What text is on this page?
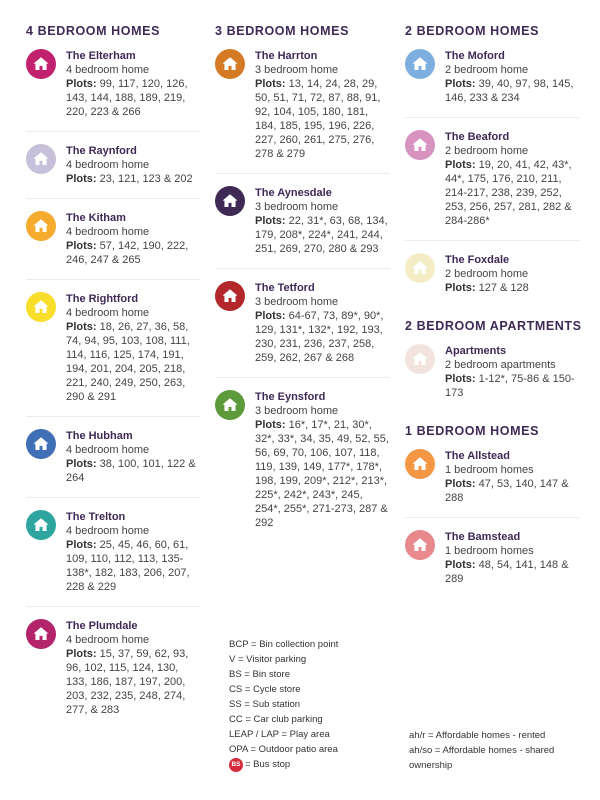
4 BEDROOM HOMES
The Elterham
4 bedroom home
Plots: 99, 117, 120, 126, 143, 144, 188, 189, 219, 220, 223 & 266
The Raynford
4 bedroom home
Plots: 23, 121, 123 & 202
The Kitham
4 bedroom home
Plots: 57, 142, 190, 222, 246, 247 & 265
The Rightford
4 bedroom home
Plots: 18, 26, 27, 36, 58, 74, 94, 95, 103, 108, 111, 114, 116, 125, 174, 191, 194, 201, 204, 205, 218, 221, 240, 249, 250, 263, 290 & 291
The Hubham
4 bedroom home
Plots: 38, 100, 101, 122 & 264
The Trelton
4 bedroom home
Plots: 25, 45, 46, 60, 61, 109, 110, 112, 113, 135-138*, 182, 183, 206, 207, 228 & 229
The Plumdale
4 bedroom home
Plots: 15, 37, 59, 62, 93, 96, 102, 115, 124, 130, 133, 186, 187, 197, 200, 203, 232, 235, 248, 274, 277, & 283
3 BEDROOM HOMES
The Harrton
3 bedroom home
Plots: 13, 14, 24, 28, 29, 50, 51, 71, 72, 87, 88, 91, 92, 104, 105, 180, 181, 184, 185, 195, 196, 226, 227, 260, 261, 275, 276, 278 & 279
The Aynesdale
3 bedroom home
Plots: 22, 31*, 63, 68, 134, 179, 208*, 224*, 241, 244, 251, 269, 270, 280 & 293
The Tetford
3 bedroom home
Plots: 64-67, 73, 89*, 90*, 129, 131*, 132*, 192, 193, 230, 231, 236, 237, 258, 259, 262, 267 & 268
The Eynsford
3 bedroom home
Plots: 16*, 17*, 21, 30*, 32*, 33*, 34, 35, 49, 52, 55, 56, 69, 70, 106, 107, 118, 119, 139, 149, 177*, 178*, 198, 199, 209*, 212*, 213*, 225*, 242*, 243*, 245, 254*, 255*, 271-273, 287 & 292
2 BEDROOM HOMES
The Moford
2 bedroom home
Plots: 39, 40, 97, 98, 145, 146, 233 & 234
The Beaford
2 bedroom home
Plots: 19, 20, 41, 42, 43*, 44*, 175, 176, 210, 211, 214-217, 238, 239, 252, 253, 256, 257, 281, 282 & 284-286*
The Foxdale
2 bedroom home
Plots: 127 & 128
2 BEDROOM APARTMENTS
Apartments
2 bedroom apartments
Plots: 1-12*, 75-86 & 150-173
1 BEDROOM HOMES
The Allstead
1 bedroom homes
Plots: 47, 53, 140, 147 & 288
The Bamstead
1 bedroom homes
Plots: 48, 54, 141, 148 & 289
BCP = Bin collection point
V = Visitor parking
BS = Bin store
CS = Cycle store
SS = Sub station
CC = Car club parking
LEAP / LAP = Play area
OPA = Outdoor patio area
BS = Bus stop
ah/r = Affordable homes - rented
ah/so = Affordable homes - shared ownership
